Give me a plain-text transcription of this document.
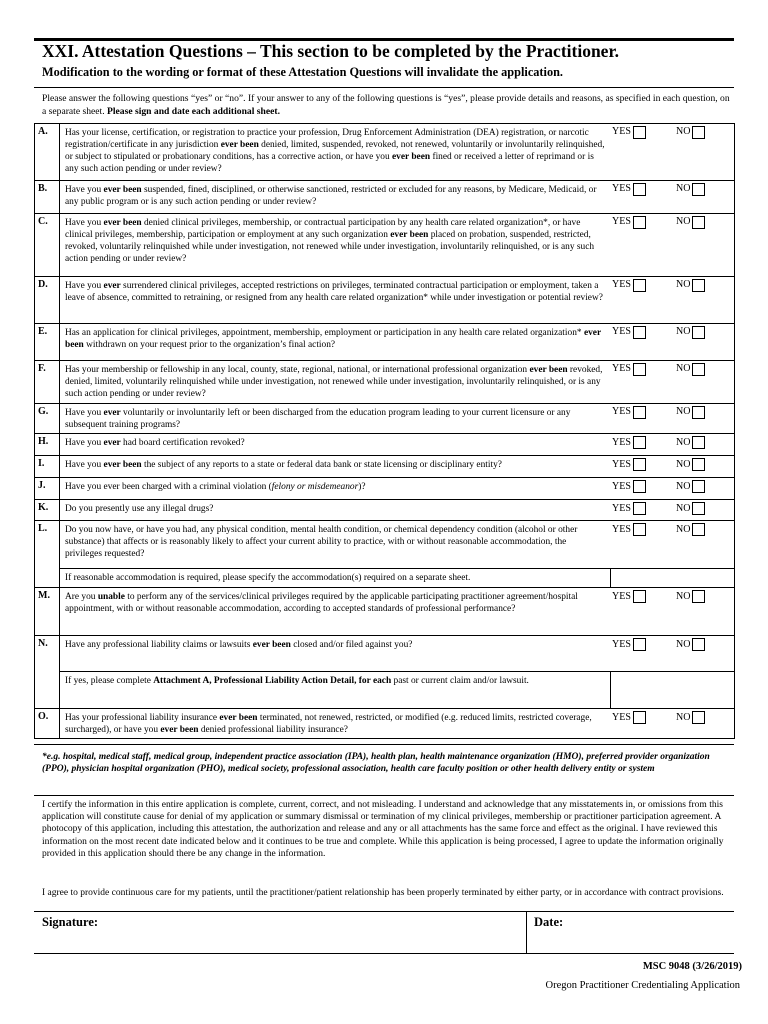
XXI. Attestation Questions – This section to be completed by the Practitioner.
Modification to the wording or format of these Attestation Questions will invalidate the application.
Please answer the following questions “yes” or “no”. If your answer to any of the following questions is “yes”, please provide details and reasons, as specified in each question, on a separate sheet. Please sign and date each additional sheet.
A.	Has your license, certification, or registration to practice your profession, Drug Enforcement Administration (DEA) registration, or narcotic registration/certificate in any jurisdiction ever been denied, limited, suspended, revoked, not renewed, voluntarily or involuntarily relinquished, or subject to stipulated or probationary conditions, has a corrective action, or have you ever been fined or received a letter of reprimand or is any such action pending or under review?	YES NO

B.	Have you ever been suspended, fined, disciplined, or otherwise sanctioned, restricted or excluded for any reasons, by Medicare, Medicaid, or any public program or is any such action pending or under review?	YES NO

C.	Have you ever been denied clinical privileges, membership, or contractual participation by any health care related organization*, or have clinical privileges, membership, participation or employment at any such organization ever been placed on probation, suspended, restricted, revoked, voluntarily relinquished while under investigation, not renewed while under investigation, involuntarily relinquished, or is any such action pending or under review?	YES NO

D.	Have you ever surrendered clinical privileges, accepted restrictions on privileges, terminated contractual participation or employment, taken a leave of absence, committed to retraining, or resigned from any health care related organization* while under investigation or potential review?	YES NO

E.	Has an application for clinical privileges, appointment, membership, employment or participation in any health care related organization* ever been withdrawn on your request prior to the organization’s final action?	YES NO

F.	Has your membership or fellowship in any local, county, state, regional, national, or international professional organization ever been revoked, denied, limited, voluntarily relinquished while under investigation, not renewed while under investigation, involuntarily relinquished, or is any such action pending or under review?	YES NO

G.	Have you ever voluntarily or involuntarily left or been discharged from the education program leading to your current licensure or any subsequent training programs?	YES NO

H.	Have you ever had board certification revoked?	YES NO

I.	Have you ever been the subject of any reports to a state or federal data bank or state licensing or disciplinary entity?	YES NO

J.	Have you ever been charged with a criminal violation (felony or misdemeanor)?	YES NO

K.	Do you presently use any illegal drugs?	YES NO

L.	Do you now have, or have you had, any physical condition, mental health condition, or chemical dependency condition (alcohol or other substance) that affects or is reasonably likely to affect your current ability to practice, with or without reasonable accommodation, the privileges requested?	YES NO

	If reasonable accommodation is required, please specify the accommodation(s) required on a separate sheet.	
M.	Are you unable to perform any of the services/clinical privileges required by the applicable participating practitioner agreement/hospital appointment, with or without reasonable accommodation, according to accepted standards of professional performance?	YES NO

N.	Have any professional liability claims or lawsuits ever been closed and/or filed against you?	YES NO

	If yes, please complete Attachment A, Professional Liability Action Detail, for each past or current claim and/or lawsuit.	
O.	Has your professional liability insurance ever been terminated, not renewed, restricted, or modified (e.g. reduced limits, restricted coverage, surcharged), or have you ever been denied professional liability insurance?	YES NO
*e.g. hospital, medical staff, medical group, independent practice association (IPA), health plan, health maintenance organization (HMO), preferred provider organization (PPO), physician hospital organization (PHO), medical society, professional association, health care faculty position or other health delivery entity or system
I certify the information in this entire application is complete, current, correct, and not misleading. I understand and acknowledge that any misstatements in, or omissions from this application will constitute cause for denial of my application or summary dismissal or termination of my clinical privileges, membership or practitioner participation agreement. A photocopy of this application, including this attestation, the authorization and release and any or all attachments has the same force and effect as the original. I have reviewed this information on the most recent date indicated below and it continues to be true and complete. While this application is being processed, I agree to update the information originally provided in this application should there be any change in the information.
I agree to provide continuous care for my patients, until the practitioner/patient relationship has been properly terminated by either party, or in accordance with contract provisions.
Signature:	Date:
MSC 9048 (3/26/2019)
Oregon Practitioner Credentialing Application
